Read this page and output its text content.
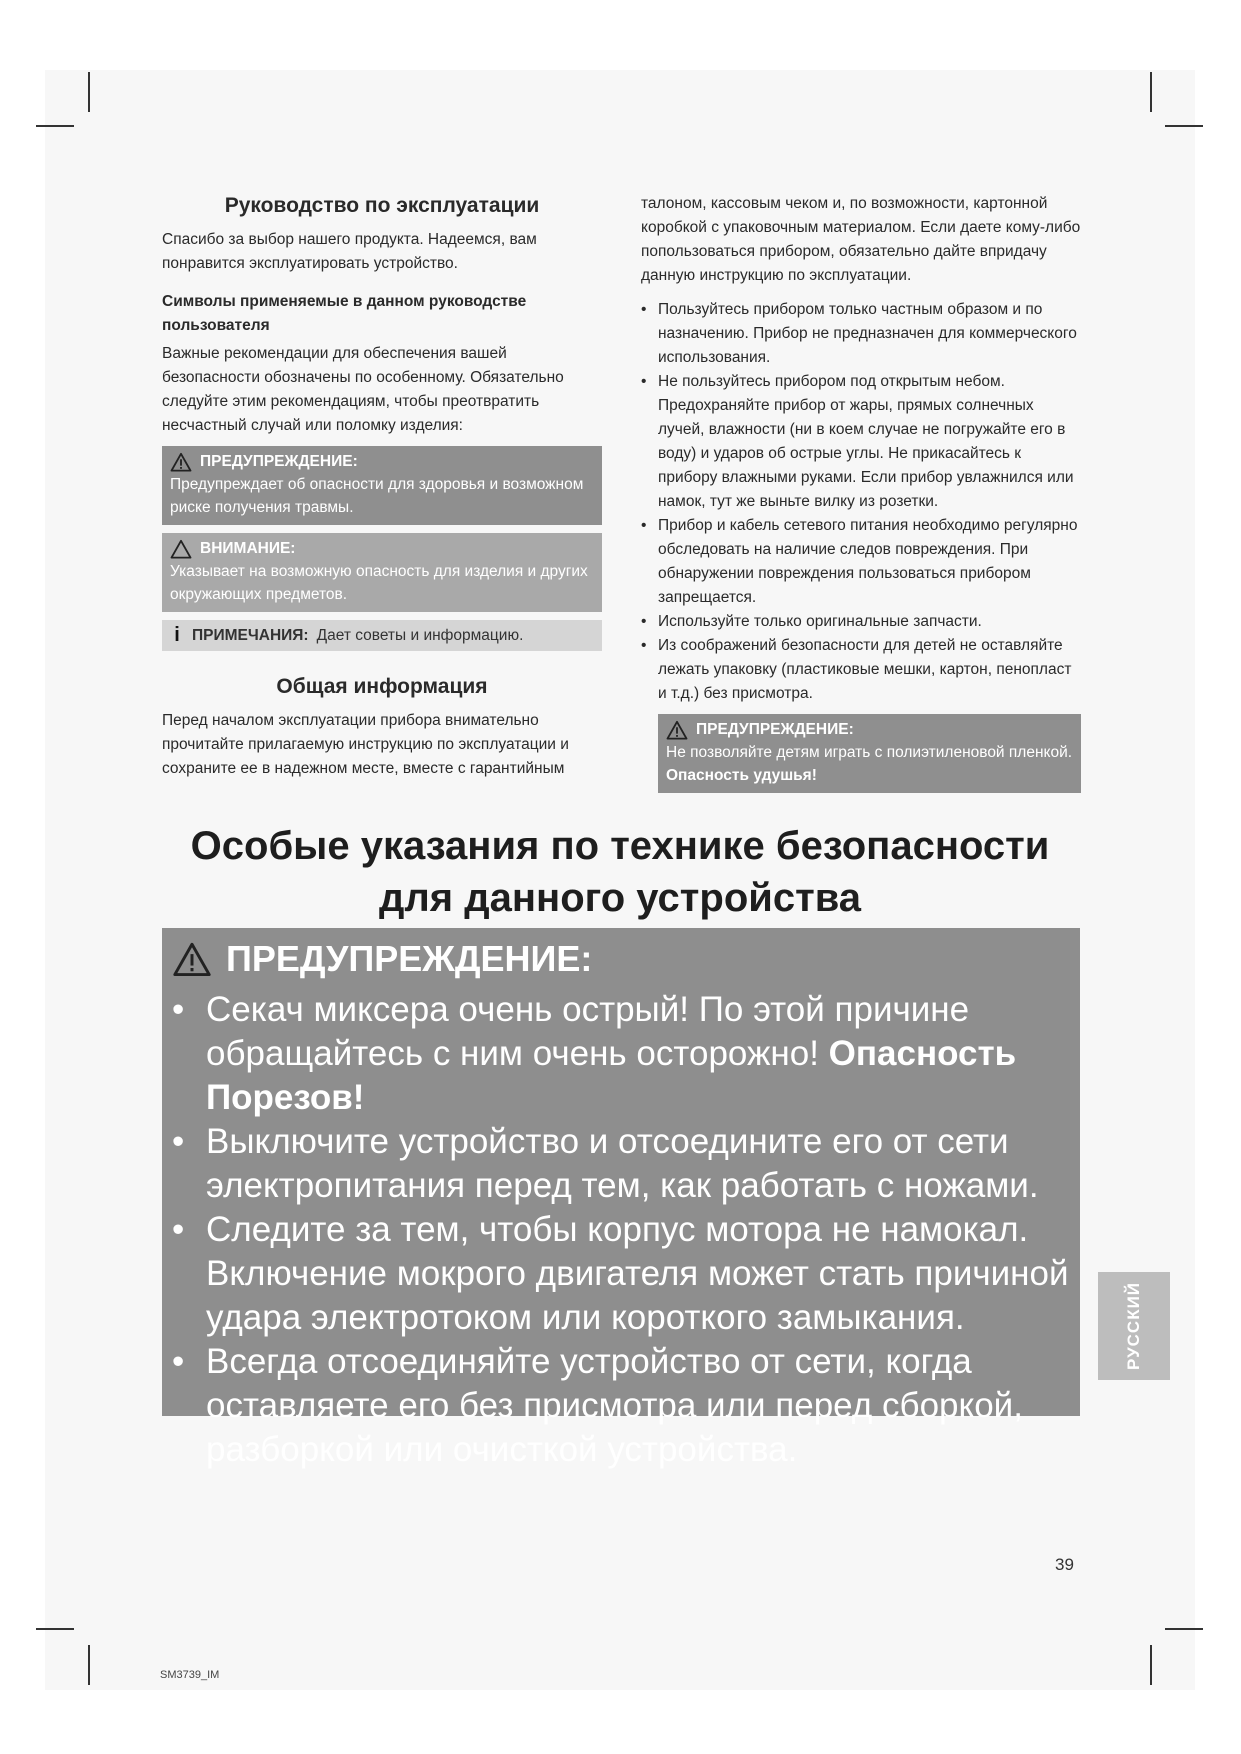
Руководство по эксплуатации

Спасибо за выбор нашего продукта. Надеемся, вам понравится эксплуатировать устройство.

Символы применяемые в данном руководстве пользователя

Важные рекомендации для обеспечения вашей безопасности обозначены по особенному. Обязательно следуйте этим рекомендациям, чтобы преотвратить несчастный случай или поломку изделия:

ПРЕДУПРЕЖДЕНИЕ:

Предупреждает об опасности для здоровья и возможном риске получения травмы.

ВНИМАНИЕ:

Указывает на возможную опасность для изделия и других окружающих предметов.

i ПРИМЕЧАНИЯ: Дает советы и информацию.
Общая информация

Перед началом эксплуатации прибора внимательно прочитайте прилагаемую инструкцию по эксплуатации и сохраните ее в надежном месте, вместе с гарантийным

талоном, кассовым чеком и, по возможности, картонной коробкой с упаковочным материалом. Если даете кому-либо попользоваться прибором, обязательно дайте впридачу данную инструкцию по эксплуатации.

• Пользуйтесь прибором только частным образом и по назначению. Прибор не предназначен для коммерческого использования.
• Не пользуйтесь прибором под открытым небом. Предохраняйте прибор от жары, прямых солнечных лучей, влажности (ни в коем случае не погружайте его в воду) и ударов об острые углы. Не прикасайтесь к прибору влажными руками. Если прибор увлажнился или намок, тут же выньте вилку из розетки.
• Прибор и кабель сетевого питания необходимо регулярно обследовать на наличие следов повреждения. При обнаружении повреждения пользоваться прибором запрещается.
• Используйте только оригинальные запчасти.
• Из соображений безопасности для детей не оставляйте лежать упаковку (пластиковые мешки, картон, пенопласт и т.д.) без присмотра.
ПРЕДУПРЕЖДЕНИЕ:

Не позволяйте детям играть с полиэтиленовой пленкой. Опасность удушья!

Особые указания по технике безопасности
для данного устройства
ПРЕДУПРЕЖДЕНИЕ:
• Секач миксера очень острый! По этой причине обращайтесь с ним очень осторожно! Опасность Порезов!
• Выключите устройство и отсоедините его от сети электропитания перед тем, как работать с ножами.
• Следите за тем, чтобы корпус мотора не намокал. Включение мокрого двигателя может стать причиной удара электротоком или короткого замыкания.
• Всегда отсоединяйте устройство от сети, когда оставляете его без присмотра или перед сборкой, разборкой или очисткой устройства.
РУССКИЙ
39
SM3739_IM
